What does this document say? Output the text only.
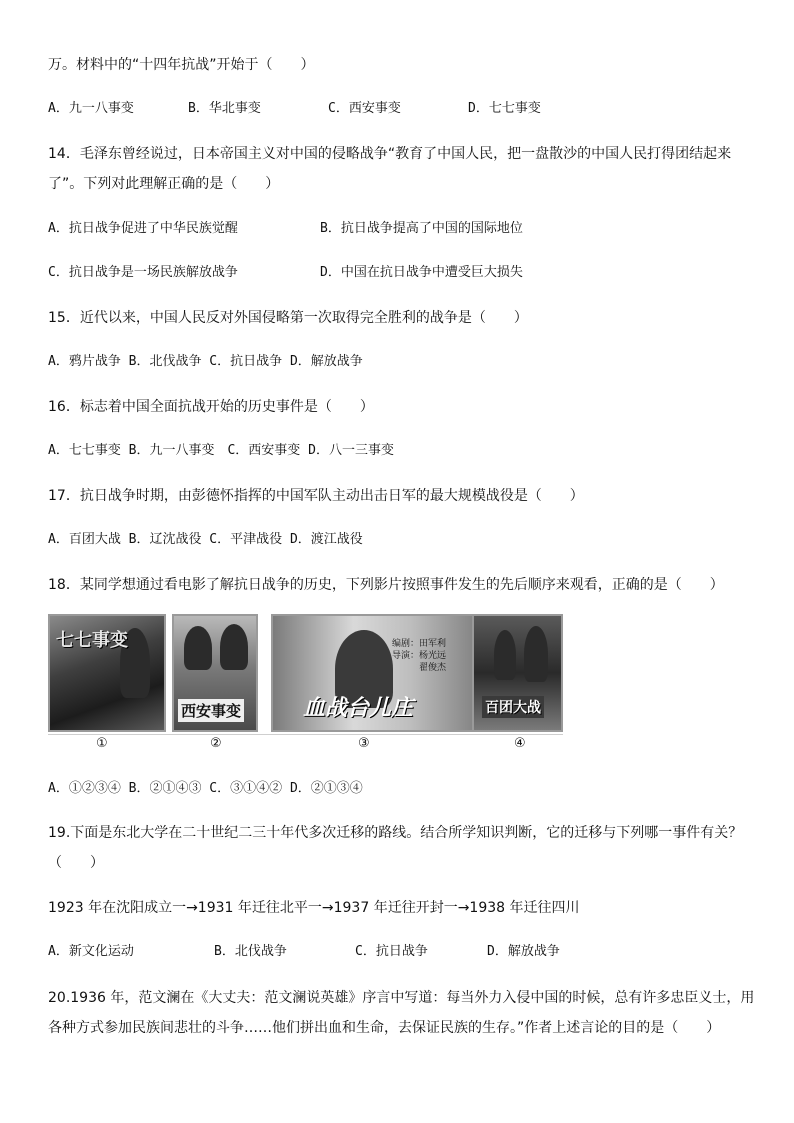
万。材料中的“十四年抗战”开始于（　　）
A．九一八事变	B．华北事变	C．西安事变	D．七七事变
14．毛泽东曾经说过，日本帝国主义对中国的侵略战争“教育了中国人民，把一盘散沙的中国人民打得团结起来
了”。下列对此理解正确的是（　　）
A．抗日战争促进了中华民族觉醒	B．抗日战争提高了中国的国际地位
C．抗日战争是一场民族解放战争	D．中国在抗日战争中遭受巨大损失
15．近代以来，中国人民反对外国侵略第一次取得完全胜利的战争是（　　）
A．鸦片战争 B．北伐战争 C．抗日战争 D．解放战争
16．标志着中国全面抗战开始的历史事件是（　　）
A．七七事变 B．九一八事变　C．西安事变 D．八一三事变
17．抗日战争时期，由彭德怀指挥的中国军队主动出击日军的最大规模战役是（　　）
A．百团大战 B．辽沈战役 C．平津战役 D．渡江战役
18．某同学想通过看电影了解抗日战争的历史，下列影片按照事件发生的先后顺序来观看，正确的是（　　）
七七事变
西安事变
编剧：田军利
导演：杨光远
　　　翟俊杰
血战台儿庄	百团大战
①	②	③	④
A．①②③④ B．②①④③ C．③①④② D．②①③④
19.下面是东北大学在二十世纪二三十年代多次迁移的路线。结合所学知识判断，它的迁移与下列哪一事件有关？
（　　）
1923 年在沈阳成立一→1931 年迁往北平一→1937 年迁往开封一→1938 年迁往四川
A．新文化运动	B．北伐战争	C．抗日战争	D．解放战争
20.1936 年，范文澜在《大丈夫：范文澜说英雄》序言中写道：每当外力入侵中国的时候，总有许多忠臣义士，用
各种方式参加民族间悲壮的斗争……他们拼出血和生命，去保证民族的生存。”作者上述言论的目的是（　　）
